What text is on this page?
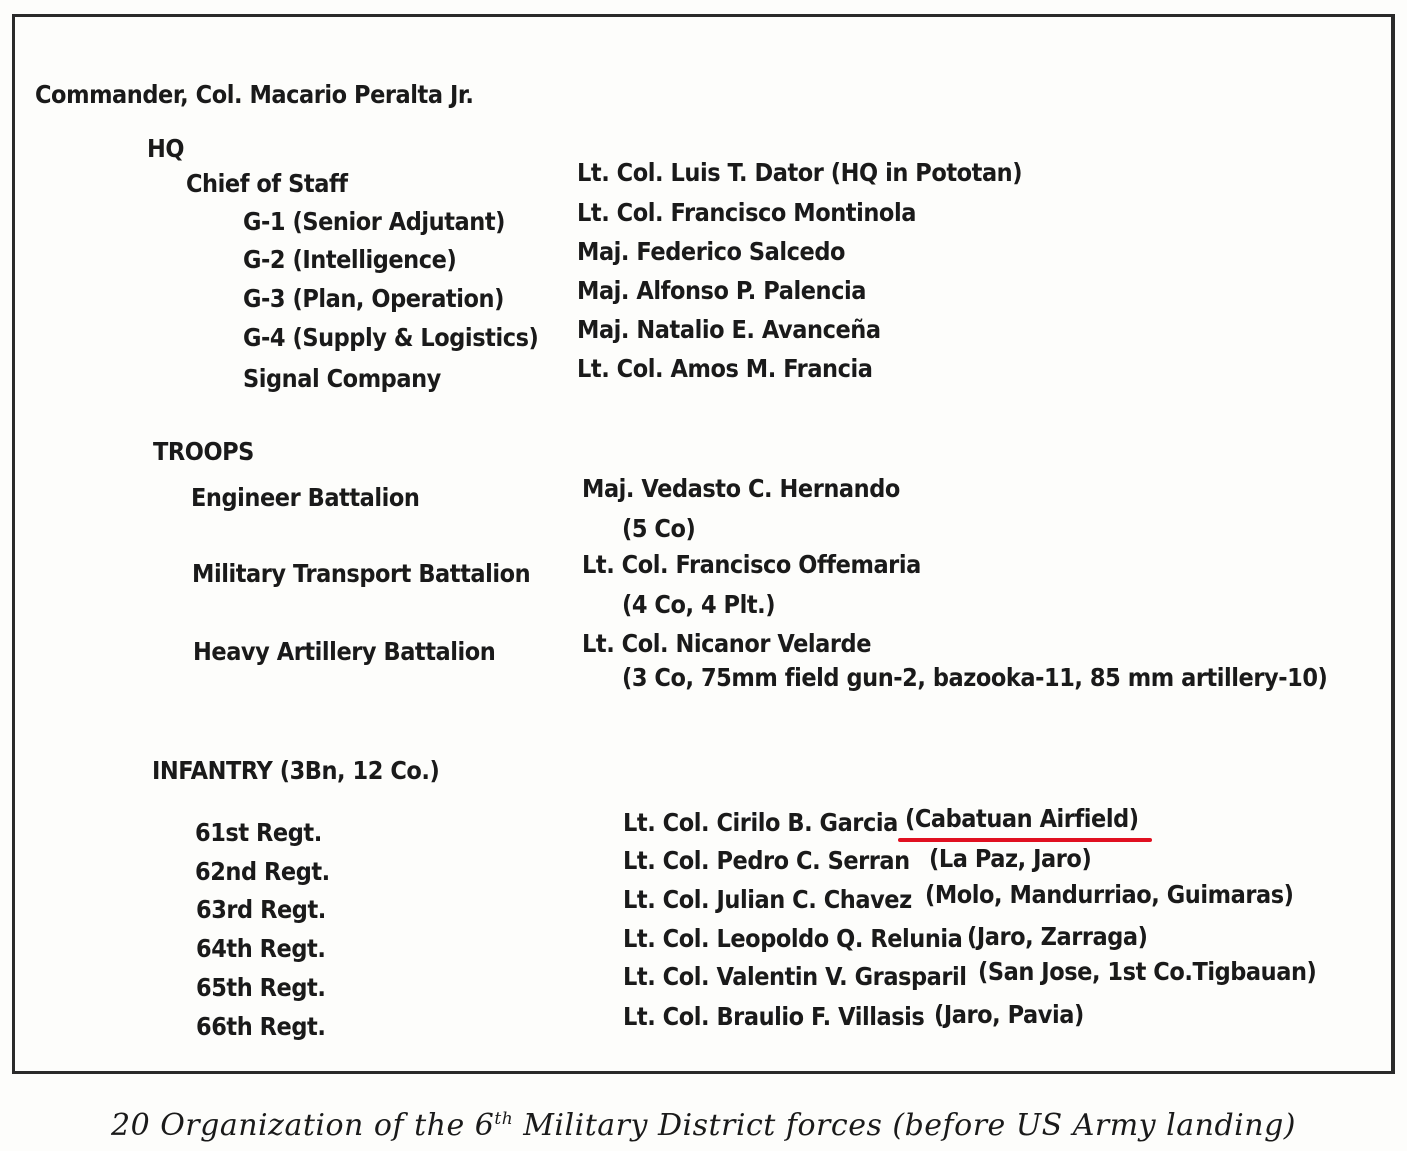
Commander, Col. Macario Peralta Jr.
HQ
Chief of Staff	Lt. Col. Luis T. Dator (HQ in Pototan)
G-1 (Senior Adjutant)	Lt. Col. Francisco Montinola
G-2 (Intelligence)	Maj. Federico Salcedo
G-3 (Plan, Operation)	Maj. Alfonso P. Palencia
G-4 (Supply & Logistics) Maj. Natalio E. Avanceña
Signal Company	Lt. Col. Amos M. Francia
TROOPS
Engineer Battalion	Maj. Vedasto C. Hernando
(5 Co)
Military Transport Battalion Lt. Col. Francisco Offemaria
(4 Co, 4 Plt.)
Heavy Artillery Battalion	Lt. Col. Nicanor Velarde
(3 Co, 75mm field gun-2, bazooka-11, 85 mm artillery-10)
INFANTRY (3Bn, 12 Co.)
61st Regt.	Lt. Col. Cirilo B. Garcia (Cabatuan Airfield)
62nd Regt.	Lt. Col. Pedro C. Serran (La Paz, Jaro)
63rd Regt.	Lt. Col. Julian C. Chavez (Molo, Mandurriao, Guimaras)
64th Regt.	Lt. Col. Leopoldo Q. Relunia (Jaro, Zarraga)
65th Regt.	Lt. Col. Valentin V. Grasparil (San Jose, 1st Co.Tigbauan)
66th Regt.	Lt. Col. Braulio F. Villasis (Jaro, Pavia)
20 Organization of the 6th Military District forces (before US Army landing)
